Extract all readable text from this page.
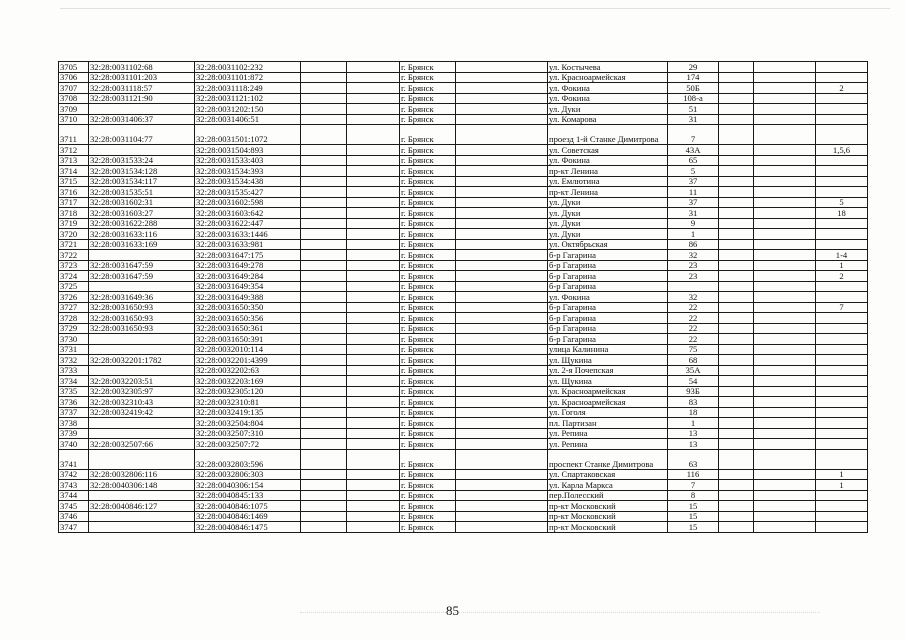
3705	32:28:0031102:68	32:28:0031102:232			г. Брянск		ул. Костычева	29			
3706	32:28:0031101:203	32:28:0031101:872			г. Брянск		ул. Красноармейская	174			
3707	32:28:0031118:57	32:28:0031118:249			г. Брянск		ул. Фокина	50Б			2
3708	32:28:0031121:90	32:28:0031121:102			г. Брянск		ул. Фокина	108-а			
3709		32:28:0031202:150			г. Брянск		ул. Дуки	51			
3710	32:28:0031406:37	32:28:0031406:51			г. Брянск		ул. Комарова	31			
3711	32:28:0031104:77	32:28:0031501:1072			г. Брянск		проезд 1-й Станке Димитрова	7			
3712		32:28:0031504:893			г. Брянск		ул. Советская	43А			1,5,6
3713	32:28:0031533:24	32:28:0031533:403			г. Брянск		ул. Фокина	65			
3714	32:28:0031534:128	32:28:0031534:393			г. Брянск		пр-кт Ленина	5			
3715	32:28:0031534:117	32:28:0031534:438			г. Брянск		ул. Емлютина	37			
3716	32:28:0031535:51	32:28:0031535:427			г. Брянск		пр-кт Ленина	11			
3717	32:28:0031602:31	32:28:0031602:598			г. Брянск		ул. Дуки	37			5
3718	32:28:0031603:27	32:28:0031603:642			г. Брянск		ул. Дуки	31			18
3719	32:28:0031622:288	32:28:0031622:447			г. Брянск		ул. Дуки	9			
3720	32:28:0031633:116	32:28:0031633:1446			г. Брянск		ул. Дуки	1			
3721	32:28:0031633:169	32:28:0031633:981			г. Брянск		ул. Октябрьская	86			
3722		32:28:0031647:175			г. Брянск		б-р Гагарина	32			1-4
3723	32:28:0031647:59	32:28:0031649:278			г. Брянск		б-р Гагарина	23			1
3724	32:28:0031647:59	32:28:0031649:284			г. Брянск		б-р Гагарина	23			2
3725		32:28:0031649:354			г. Брянск		б-р Гагарина				
3726	32:28:0031649:36	32:28:0031649:388			г. Брянск		ул. Фокина	32			
3727	32:28:0031650:93	32:28:0031650:350			г. Брянск		б-р Гагарина	22			7
3728	32:28:0031650:93	32:28:0031650:356			г. Брянск		б-р Гагарина	22			
3729	32:28:0031650:93	32:28:0031650:361			г. Брянск		б-р Гагарина	22			
3730		32:28:0031650:391			г. Брянск		б-р Гагарина	22			
3731		32:28:0032010:114			г. Брянск		улица Калинина	75			
3732	32:28:0032201:1782	32:28:0032201:4399			г. Брянск		ул. Щукина	68			
3733		32:28:0032202:63			г. Брянск		ул. 2-я Почепская	35А			
3734	32:28:0032203:51	32:28:0032203:169			г. Брянск		ул. Щукина	54			
3735	32:28:0032305:97	32:28:0032305:120			г. Брянск		ул. Красноармейская	93Б			
3736	32:28:0032310:43	32:28:0032310:81			г. Брянск		ул. Красноармейская	83			
3737	32:28:0032419:42	32:28:0032419:135			г. Брянск		ул. Гоголя	18			
3738		32:28:0032504:804			г. Брянск		пл. Партизан	1			
3739		32:28:0032507:310			г. Брянск		ул. Репина	13			
3740	32:28:0032507:66	32:28:0032507:72			г. Брянск		ул. Репина	13			
3741		32:28:0032803:596			г. Брянск		проспект Станке Димитрова	63			
3742	32:28:0032806:116	32:28:0032806:303			г. Брянск		ул. Спартаковская	116			1
3743	32:28:0040306:148	32:28:0040306:154			г. Брянск		ул. Карла Маркса	7			1
3744		32:28:0040845:133			г. Брянск		пер.Полесский	8			
3745	32:28:0040846:127	32:28:0040846:1075			г. Брянск		пр-кт Московский	15			
3746		32:28:0040846:1469			г. Брянск		пр-кт Московский	15			
3747		32:28:0040846:1475			г. Брянск		пр-кт Московский	15			
85
